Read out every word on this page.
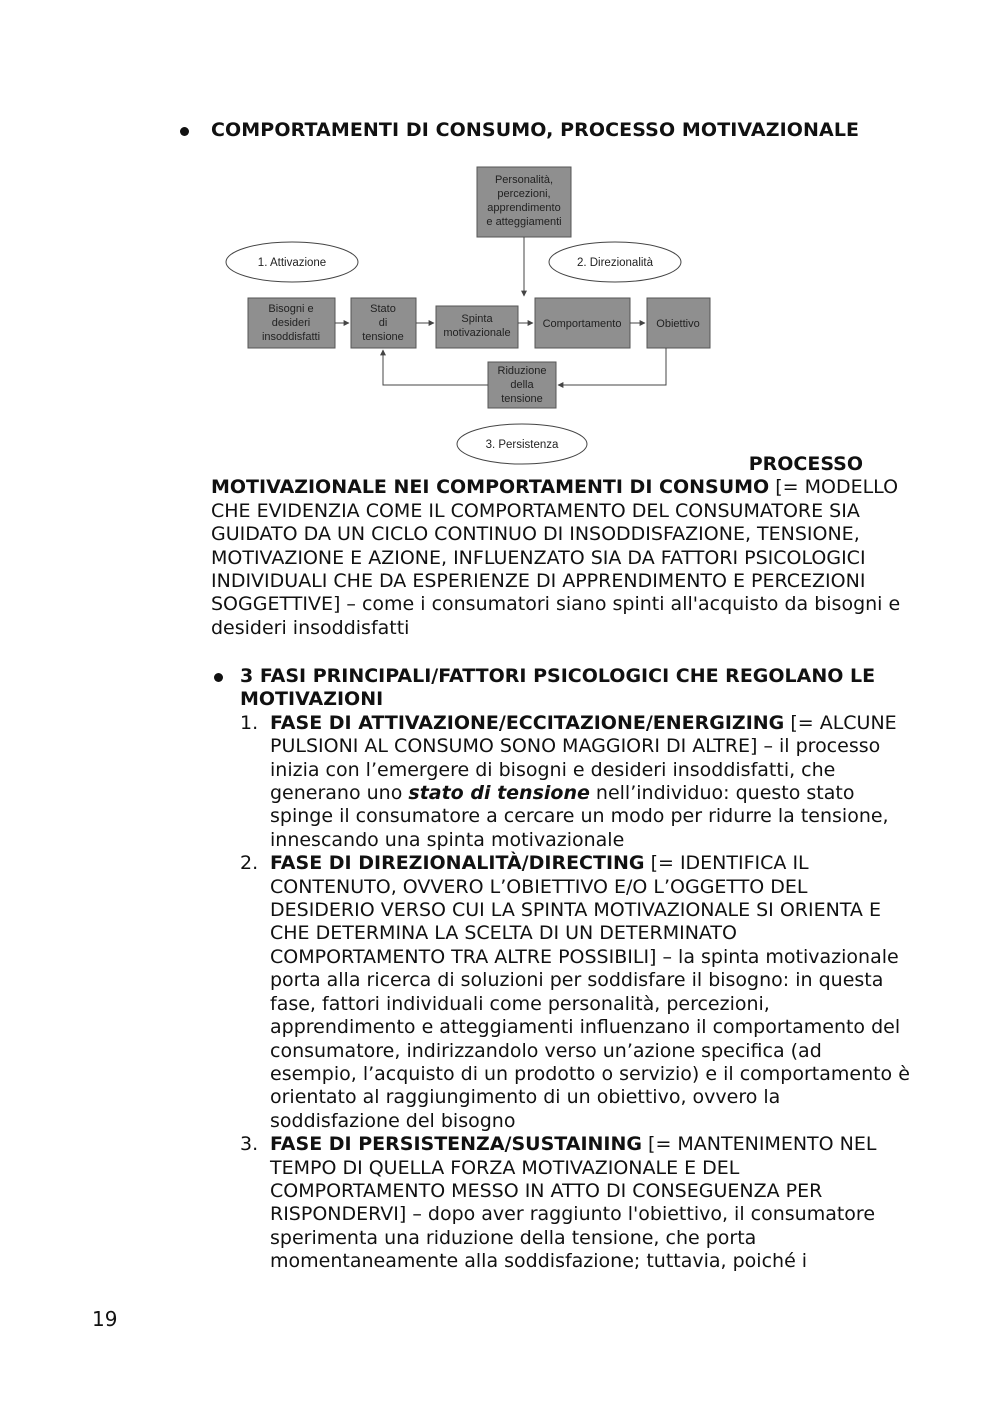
COMPORTAMENTI DI CONSUMO, PROCESSO MOTIVAZIONALE
Personalità,
percezioni,
apprendimento
e atteggiamenti
1. Attivazione	2. Direzionalità
3. Persistenza
Bisogni e
desideri
insoddisfatti
Stato
di
tensione
Spinta
motivazionale
Comportamento	Obiettivo
Riduzione
della
tensione

PROCESSO

MOTIVAZIONALE NEI COMPORTAMENTI DI CONSUMO [= MODELLO CHE EVIDENZIA COME IL COMPORTAMENTO DEL CONSUMATORE SIA GUIDATO DA UN CICLO CONTINUO DI INSODDISFAZIONE, TENSIONE, MOTIVAZIONE E AZIONE, INFLUENZATO SIA DA FATTORI PSICOLOGICI INDIVIDUALI CHE DA ESPERIENZE DI APPRENDIMENTO E PERCEZIONI SOGGETTIVE] – come i consumatori siano spinti all'acquisto da bisogni e desideri insoddisfatti

3 FASI PRINCIPALI/FATTORI PSICOLOGICI CHE REGOLANO LE MOTIVAZIONI
1. FASE DI ATTIVAZIONE/ECCITAZIONE/ENERGIZING [= ALCUNE PULSIONI AL CONSUMO SONO MAGGIORI DI ALTRE] – il processo inizia con l’emergere di bisogni e desideri insoddisfatti, che generano uno stato di tensione nell’individuo: questo stato spinge il consumatore a cercare un modo per ridurre la tensione, innescando una spinta motivazionale
2. FASE DI DIREZIONALITÀ/DIRECTING [= IDENTIFICA IL CONTENUTO, OVVERO L’OBIETTIVO E/O L’OGGETTO DEL DESIDERIO VERSO CUI LA SPINTA MOTIVAZIONALE SI ORIENTA E CHE DETERMINA LA SCELTA DI UN DETERMINATO COMPORTAMENTO TRA ALTRE POSSIBILI] – la spinta motivazionale porta alla ricerca di soluzioni per soddisfare il bisogno: in questa fase, fattori individuali come personalità, percezioni, apprendimento e atteggiamenti influenzano il comportamento del consumatore, indirizzandolo verso un’azione specifica (ad esempio, l’acquisto di un prodotto o servizio) e il comportamento è orientato al raggiungimento di un obiettivo, ovvero la soddisfazione del bisogno
3. FASE DI PERSISTENZA/SUSTAINING [= MANTENIMENTO NEL TEMPO DI QUELLA FORZA MOTIVAZIONALE E DEL COMPORTAMENTO MESSO IN ATTO DI CONSEGUENZA PER RISPONDERVI] – dopo aver raggiunto l'obiettivo, il consumatore sperimenta una riduzione della tensione, che porta momentaneamente alla soddisfazione; tuttavia, poiché i
19
